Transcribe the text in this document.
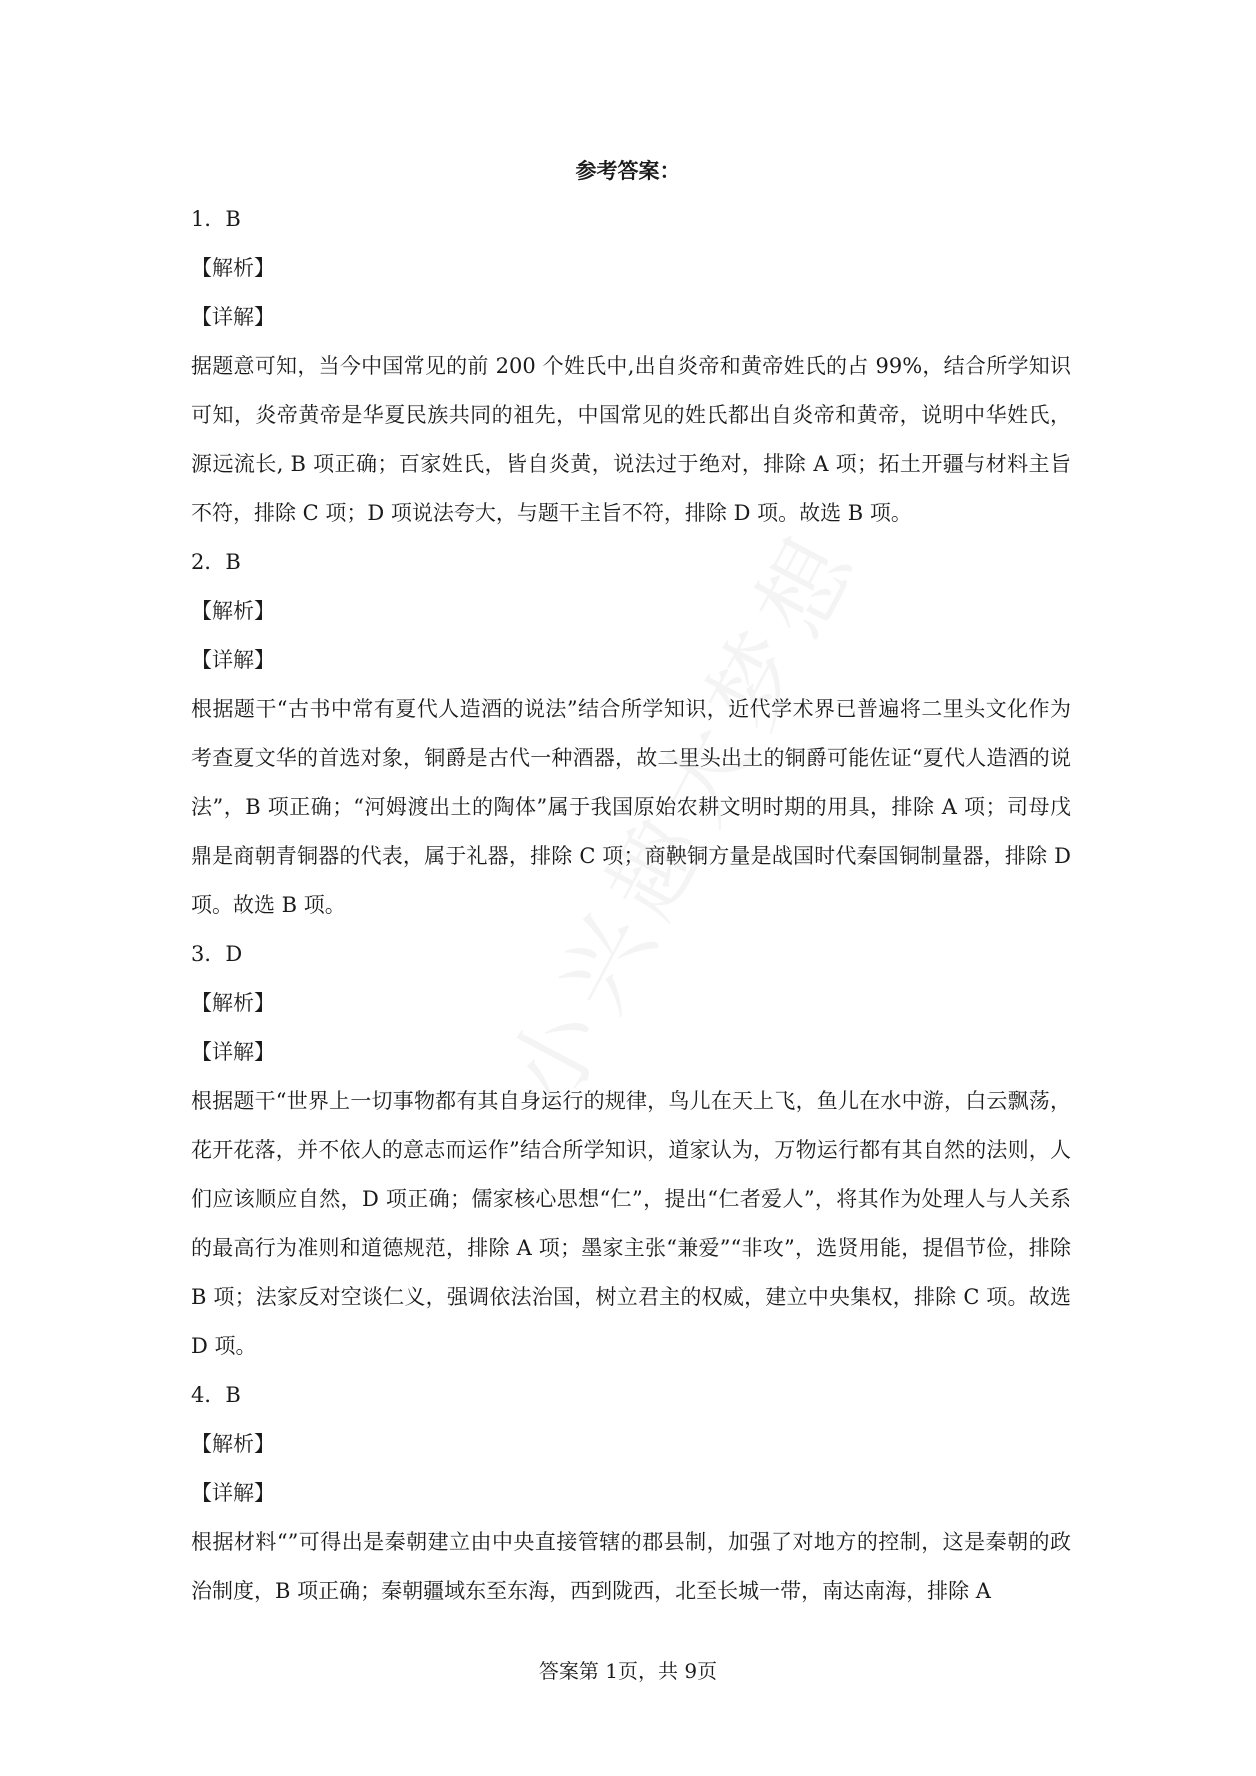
参考答案：
1．B
【解析】
【详解】

据题意可知，当今中国常见的前 200 个姓氏中,出自炎帝和黄帝姓氏的占 99%，结合所学知识可知，炎帝黄帝是华夏民族共同的祖先，中国常见的姓氏都出自炎帝和黄帝，说明中华姓氏，源远流长, B 项正确；百家姓氏，皆自炎黄，说法过于绝对，排除 A 项；拓土开疆与材料主旨不符，排除 C 项；D 项说法夸大，与题干主旨不符，排除 D 项。故选 B 项。

2．B
【解析】
【详解】

根据题干“古书中常有夏代人造酒的说法”结合所学知识，近代学术界已普遍将二里头文化作为考查夏文华的首选对象，铜爵是古代一种酒器，故二里头出土的铜爵可能佐证“夏代人造酒的说法”，B 项正确；“河姆渡出土的陶体”属于我国原始农耕文明时期的用具，排除 A 项；司母戊鼎是商朝青铜器的代表，属于礼器，排除 C 项；商鞅铜方量是战国时代秦国铜制量器，排除 D 项。故选 B 项。

3．D
【解析】
【详解】

根据题干“世界上一切事物都有其自身运行的规律，鸟儿在天上飞，鱼儿在水中游，白云飘荡，花开花落，并不依人的意志而运作”结合所学知识，道家认为，万物运行都有其自然的法则，人们应该顺应自然，D 项正确；儒家核心思想“仁”，提出“仁者爱人”，将其作为处理人与人关系的最高行为准则和道德规范，排除 A 项；墨家主张“兼爱”“非攻”，选贤用能，提倡节俭，排除 B 项；法家反对空谈仁义，强调依法治国，树立君主的权威，建立中央集权，排除 C 项。故选 D 项。

4．B
【解析】
【详解】

根据材料“”可得出是秦朝建立由中央直接管辖的郡县制，加强了对地方的控制，这是秦朝的政治制度，B 项正确；秦朝疆域东至东海，西到陇西，北至长城一带，南达南海，排除 A

答案第 1页，共 9页
